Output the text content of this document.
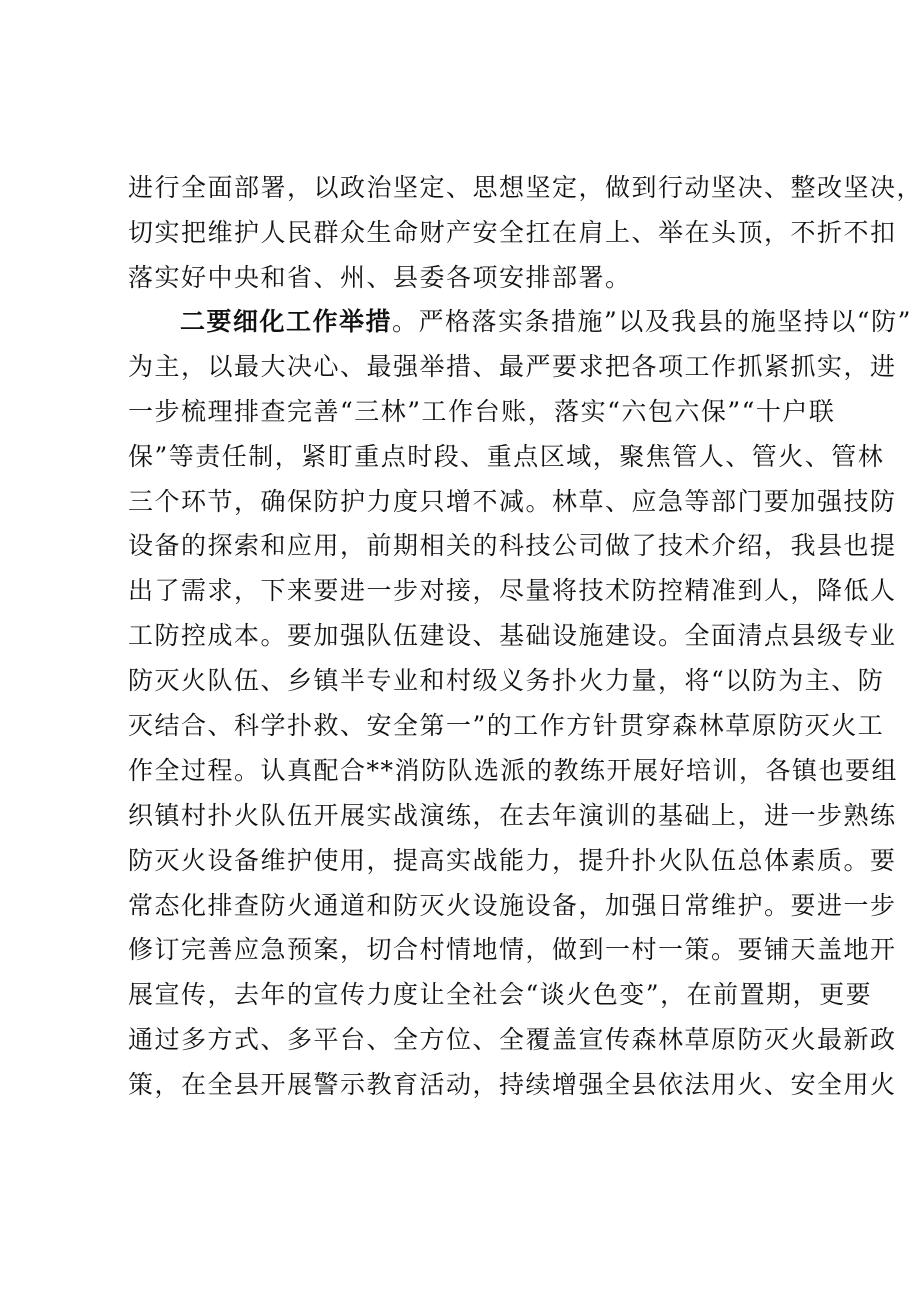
进行全面部署，以政治坚定、思想坚定，做到行动坚决、整改坚决，
切实把维护人民群众生命财产安全扛在肩上、举在头顶，不折不扣
落实好中央和省、州、县委各项安排部署。
二要细化工作举措。严格落实条措施”以及我县的施坚持以“防”
为主，以最大决心、最强举措、最严要求把各项工作抓紧抓实，进
一步梳理排查完善“三林”工作台账，落实“六包六保”“十户联
保”等责任制，紧盯重点时段、重点区域，聚焦管人、管火、管林
三个环节，确保防护力度只增不减。林草、应急等部门要加强技防
设备的探索和应用，前期相关的科技公司做了技术介绍，我县也提
出了需求，下来要进一步对接，尽量将技术防控精准到人，降低人
工防控成本。要加强队伍建设、基础设施建设。全面清点县级专业
防灭火队伍、乡镇半专业和村级义务扑火力量，将“以防为主、防
灭结合、科学扑救、安全第一”的工作方针贯穿森林草原防灭火工
作全过程。认真配合**消防队选派的教练开展好培训，各镇也要组
织镇村扑火队伍开展实战演练，在去年演训的基础上，进一步熟练
防灭火设备维护使用，提高实战能力，提升扑火队伍总体素质。要
常态化排查防火通道和防灭火设施设备，加强日常维护。要进一步
修订完善应急预案，切合村情地情，做到一村一策。要铺天盖地开
展宣传，去年的宣传力度让全社会“谈火色变”，在前置期，更要
通过多方式、多平台、全方位、全覆盖宣传森林草原防灭火最新政
策，在全县开展警示教育活动，持续增强全县依法用火、安全用火
